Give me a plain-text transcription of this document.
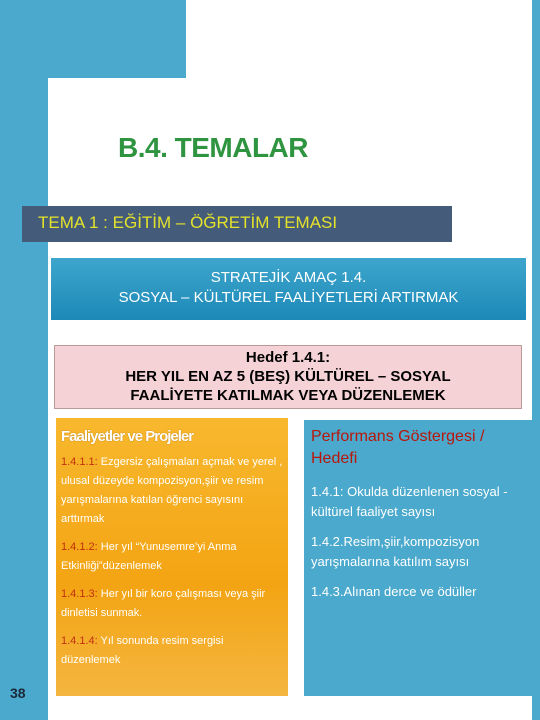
B.4. TEMALAR
TEMA 1 : EĞİTİM – ÖĞRETİM TEMASI
STRATEJİK AMAÇ 1.4.
SOSYAL – KÜLTÜREL FAALİYETLERİ ARTIRMAK
Hedef 1.4.1:
HER YIL EN AZ 5 (BEŞ) KÜLTÜREL – SOSYAL
FAALİYETE KATILMAK VEYA DÜZENLEMEK
Faaliyetler ve Projeler
1.4.1.1: Ezgersiz çalışmaları açmak ve yerel , ulusal düzeyde kompozisyon,şiir ve resim yarışmalarına katılan öğrenci sayısını arttırmak
1.4.1.2: Her yıl “Yunusemre’yi Anma Etkinliği”düzenlemek
1.4.1.3: Her yıl bir koro çalışması veya şiir dinletisi sunmak.
1.4.1.4: Yıl sonunda resim sergisi düzenlemek
Performans Göstergesi / Hedefi
1.4.1: Okulda düzenlenen sosyal -kültürel faaliyet sayısı
1.4.2.Resim,şiir,kompozisyon yarışmalarına katılım sayısı
1.4.3.Alınan derce ve ödüller
38
